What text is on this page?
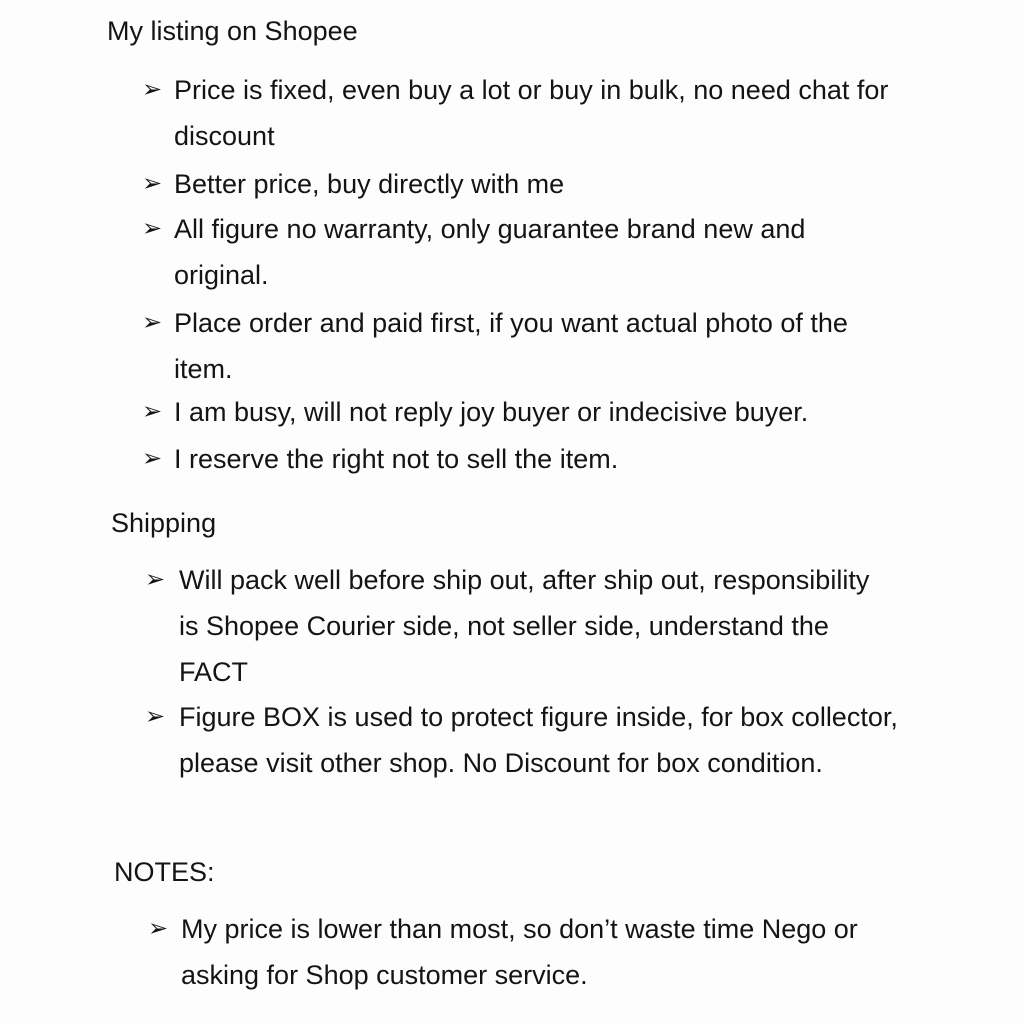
My listing on Shopee
➢ Price is fixed, even buy a lot or buy in bulk, no need chat for discount
➢ Better price, buy directly with me
➢ All figure no warranty, only guarantee brand new and original.
➢ Place order and paid first, if you want actual photo of the item.
➢ I am busy, will not reply joy buyer or indecisive buyer.
➢ I reserve the right not to sell the item.
Shipping
➢ Will pack well before ship out, after ship out, responsibility is Shopee Courier side, not seller side, understand the FACT
➢ Figure BOX is used to protect figure inside, for box collector, please visit other shop. No Discount for box condition.
NOTES:
➢ My price is lower than most, so don’t waste time Nego or asking for Shop customer service.
